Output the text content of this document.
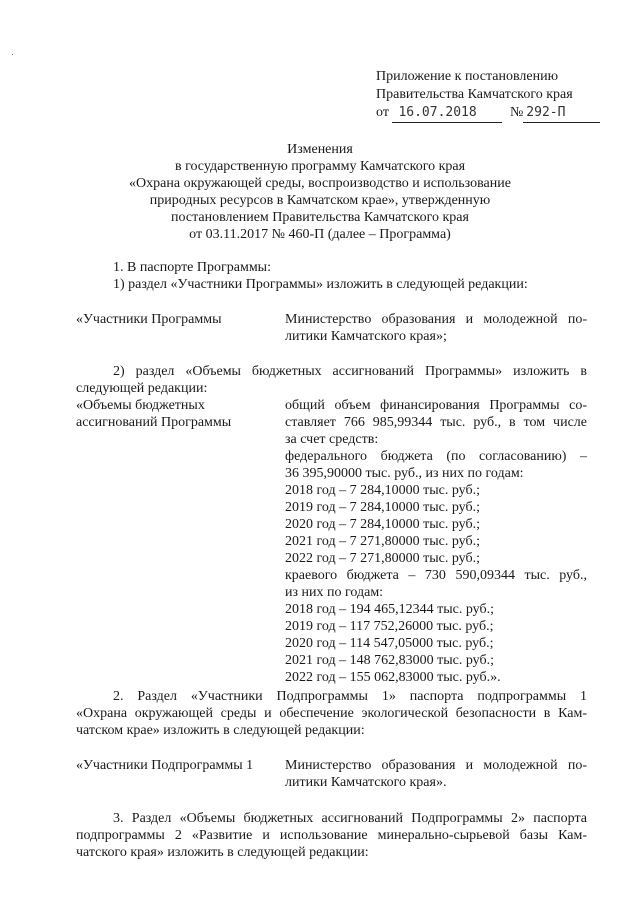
Приложение к постановлению
Правительства Камчатского края
от 16.07.2018 № 292-П
Изменения
в государственную программу Камчатского края
«Охрана окружающей среды, воспроизводство и использование
природных ресурсов в Камчатском крае», утвержденную
постановлением Правительства Камчатского края
от 03.11.2017 № 460-П (далее – Программа)
1. В паспорте Программы:
1) раздел «Участники Программы» изложить в следующей редакции:
«Участники Программы	Министерство образования и молодежной по-
литики Камчатского края»;
2) раздел «Объемы бюджетных ассигнований Программы» изложить в
следующей редакции:
«Объемы бюджетных
ассигнований Программы
общий объем финансирования Программы со-
ставляет 766 985,99344 тыс. руб., в том числе
за счет средств:
федерального бюджета (по согласованию) –
36 395,90000 тыс. руб., из них по годам:
2018 год – 7 284,10000 тыс. руб.;
2019 год – 7 284,10000 тыс. руб.;
2020 год – 7 284,10000 тыс. руб.;
2021 год – 7 271,80000 тыс. руб.;
2022 год – 7 271,80000 тыс. руб.;
краевого бюджета – 730 590,09344 тыс. руб.,
из них по годам:
2018 год – 194 465,12344 тыс. руб.;
2019 год – 117 752,26000 тыс. руб.;
2020 год – 114 547,05000 тыс. руб.;
2021 год – 148 762,83000 тыс. руб.;
2022 год – 155 062,83000 тыс. руб.».
2. Раздел «Участники Подпрограммы 1» паспорта подпрограммы 1
«Охрана окружающей среды и обеспечение экологической безопасности в Кам-
чатском крае» изложить в следующей редакции:
«Участники Подпрограммы 1 Министерство образования и молодежной по-
литики Камчатского края».
3. Раздел «Объемы бюджетных ассигнований Подпрограммы 2» паспорта
подпрограммы 2 «Развитие и использование минерально-сырьевой базы Кам-
чатского края» изложить в следующей редакции:
